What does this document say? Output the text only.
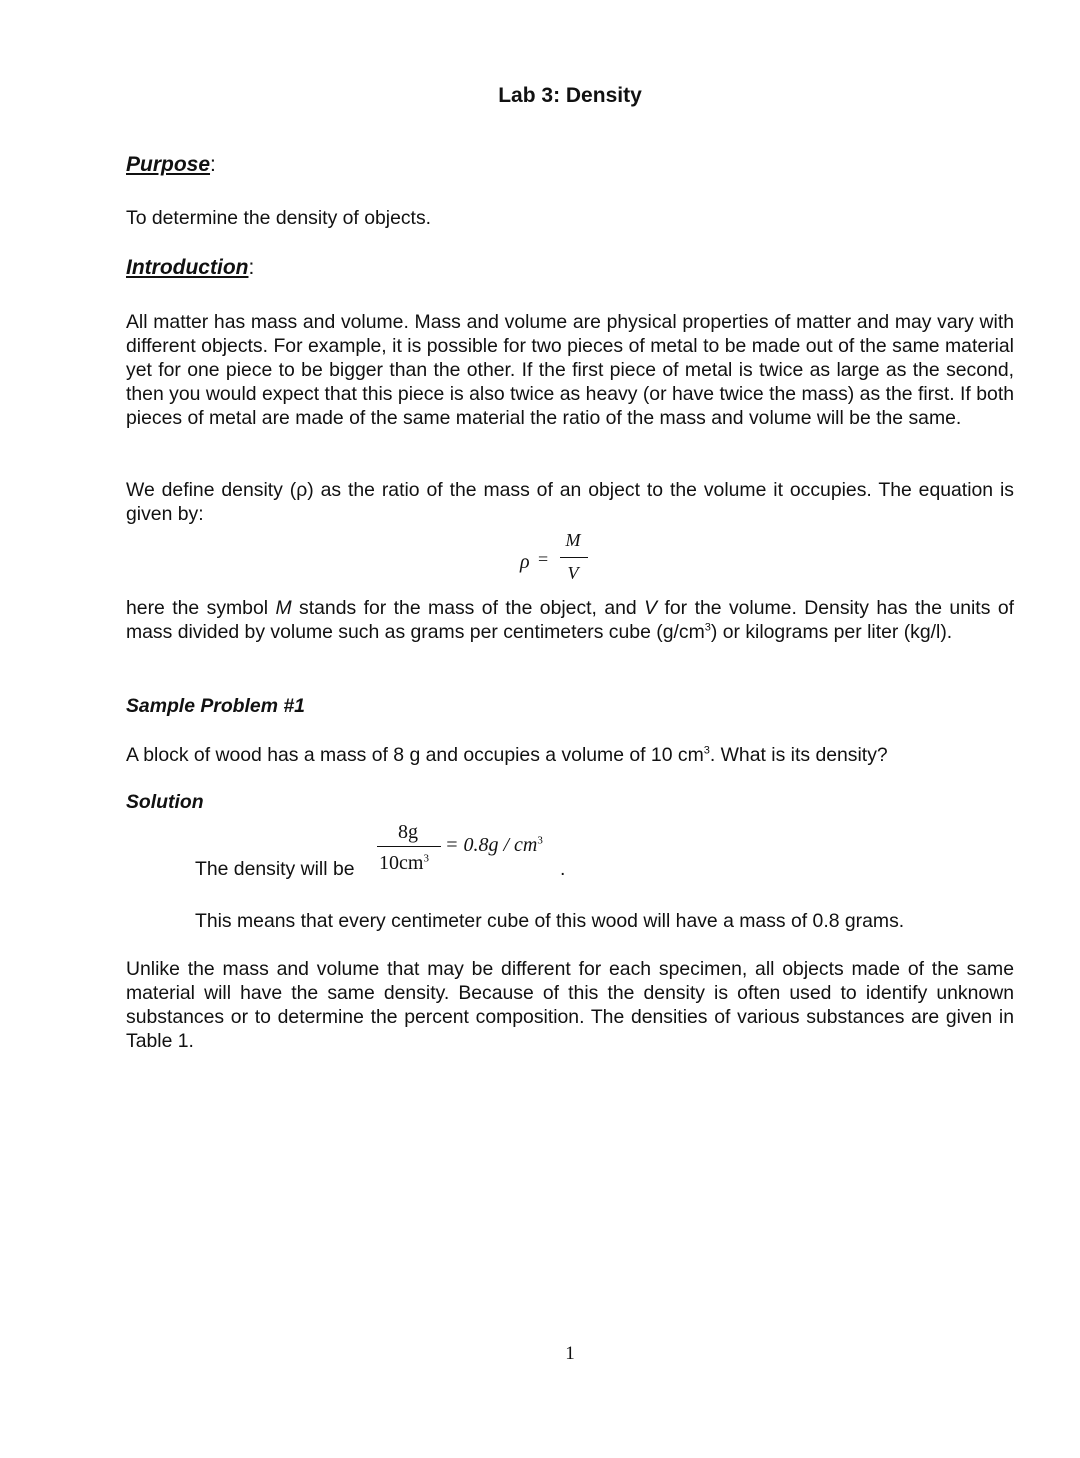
Lab 3: Density
Purpose:

To determine the density of objects.

Introduction:

All matter has mass and volume. Mass and volume are physical properties of matter and may vary with different objects. For example, it is possible for two pieces of metal to be made out of the same material yet for one piece to be bigger than the other. If the first piece of metal is twice as large as the second, then you would expect that this piece is also twice as heavy (or have twice the mass) as the first. If both pieces of metal are made of the same material the ratio of the mass and volume will be the same.

We define density (ρ) as the ratio of the mass of an object to the volume it occupies. The equation is given by:

ρ =
M
V

here the symbol M stands for the mass of the object, and V for the volume. Density has the units of mass divided by volume such as grams per centimeters cube $(g/cm^3)$ or kilograms per liter (kg/l).

Sample Problem #1

A block of wood has a mass of 8 g and occupies a volume of 10 $cm^3$. What is its density?

Solution
The density will be
8g
$10cm^3$
= $0.8g / cm^3$
.

This means that every centimeter cube of this wood will have a mass of 0.8 grams.

Unlike the mass and volume that may be different for each specimen, all objects made of the same material will have the same density. Because of this the density is often used to identify unknown substances or to determine the percent composition. The densities of various substances are given in Table 1.

1
